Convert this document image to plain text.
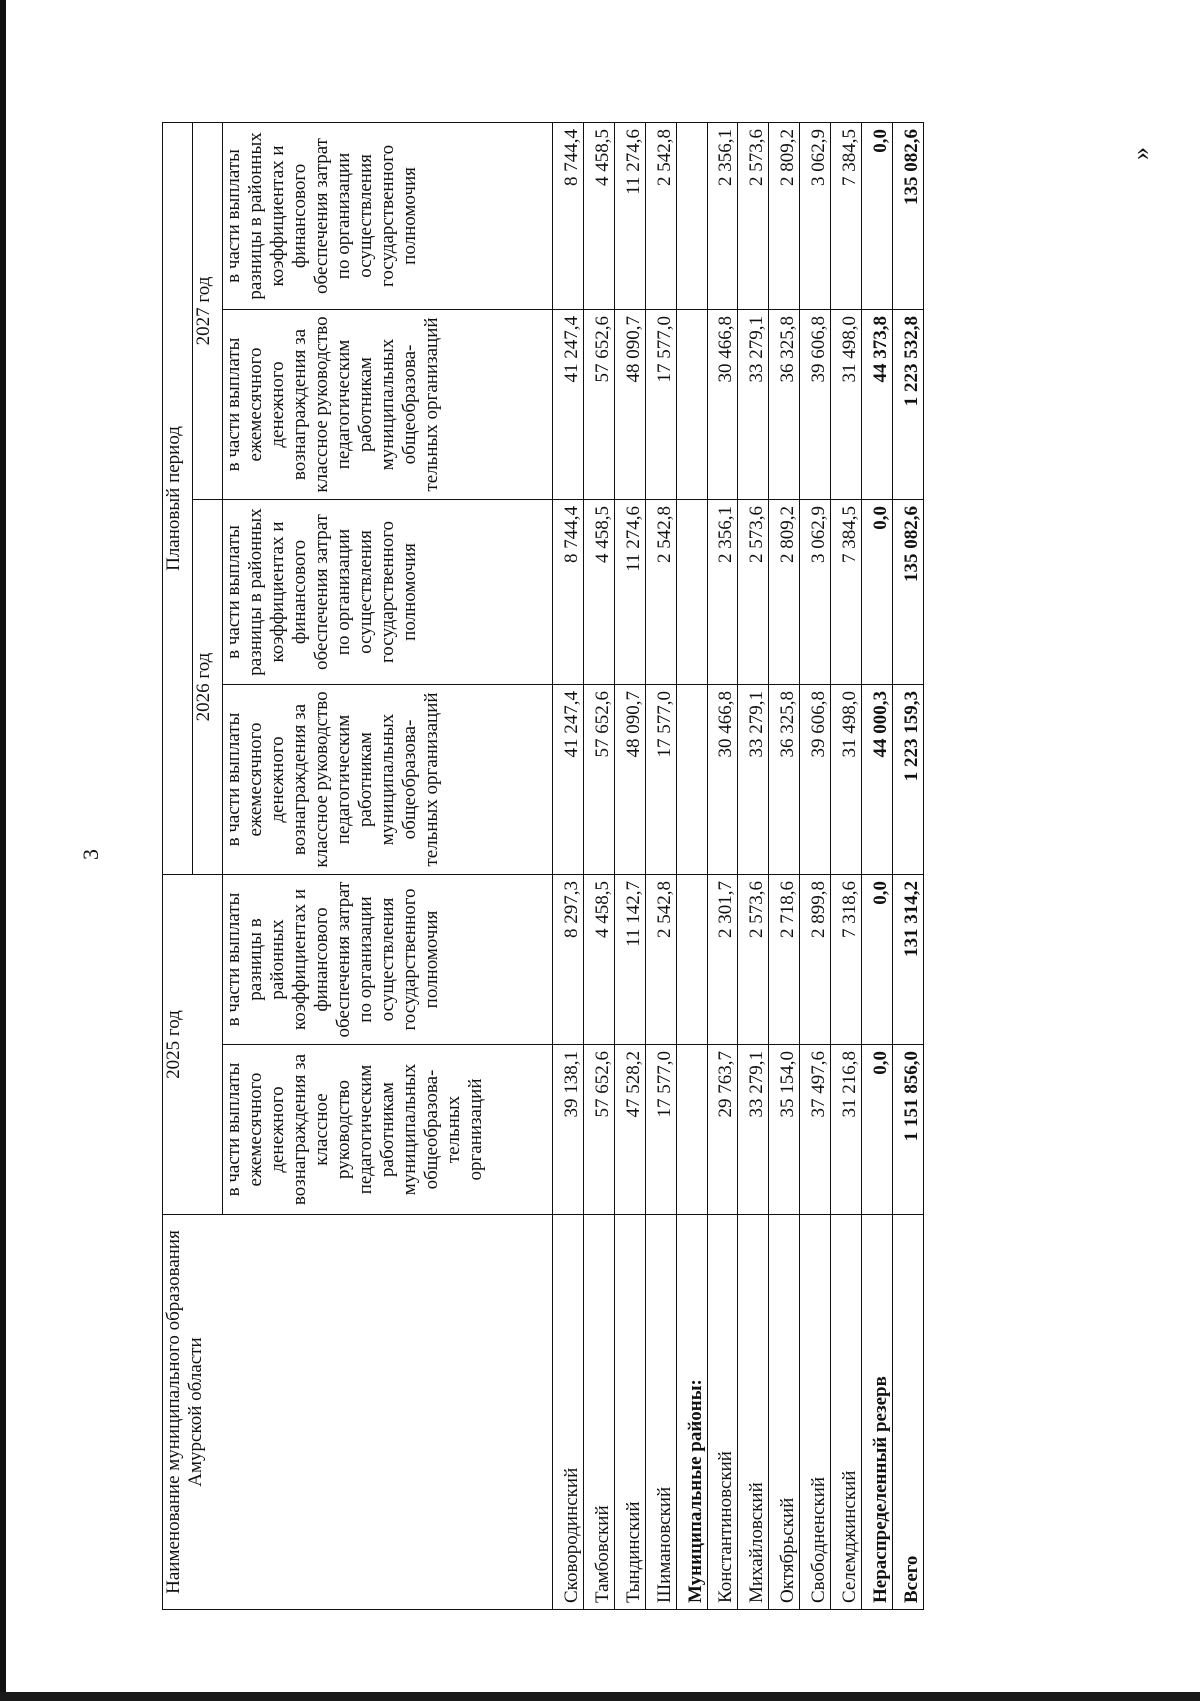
3
»
Наименование муниципального образования Амурской области	2025 год		Плановый период			
			2026 год		2027 год	
	в части выплаты ежемесячного денежного вознаграждения за классное руководство педагогическим работникам муниципальных общеобразова-тельных организаций	в части выплаты разницы в районных коэффициентах и финансового обеспечения затрат по организации осуществления государственного полномочия	в части выплаты ежемесячного денежного вознаграждения за классное руководство педагогическим работникам муниципальных общеобразова-тельных организаций	в части выплаты разницы в районных коэффициентах и финансового обеспечения затрат по организации осуществления государственного полномочия	в части выплаты ежемесячного денежного вознаграждения за классное руководство педагогическим работникам муниципальных общеобразова-тельных организаций	в части выплаты разницы в районных коэффициентах и финансового обеспечения затрат по организации осуществления государственного полномочия
Сковородинский	39 138,1	8 297,3	41 247,4	8 744,4	41 247,4	8 744,4
Тамбовский	57 652,6	4 458,5	57 652,6	4 458,5	57 652,6	4 458,5
Тындинский	47 528,2	11 142,7	48 090,7	11 274,6	48 090,7	11 274,6
Шимановский	17 577,0	2 542,8	17 577,0	2 542,8	17 577,0	2 542,8
Муниципальные районы:						
Константиновский	29 763,7	2 301,7	30 466,8	2 356,1	30 466,8	2 356,1
Михайловский	33 279,1	2 573,6	33 279,1	2 573,6	33 279,1	2 573,6
Октябрьский	35 154,0	2 718,6	36 325,8	2 809,2	36 325,8	2 809,2
Свободненский	37 497,6	2 899,8	39 606,8	3 062,9	39 606,8	3 062,9
Селемджинский	31 216,8	7 318,6	31 498,0	7 384,5	31 498,0	7 384,5
Нераспределенный резерв	0,0	0,0	44 000,3	0,0	44 373,8	0,0
Всего	1 151 856,0	131 314,2	1 223 159,3	135 082,6	1 223 532,8	135 082,6
